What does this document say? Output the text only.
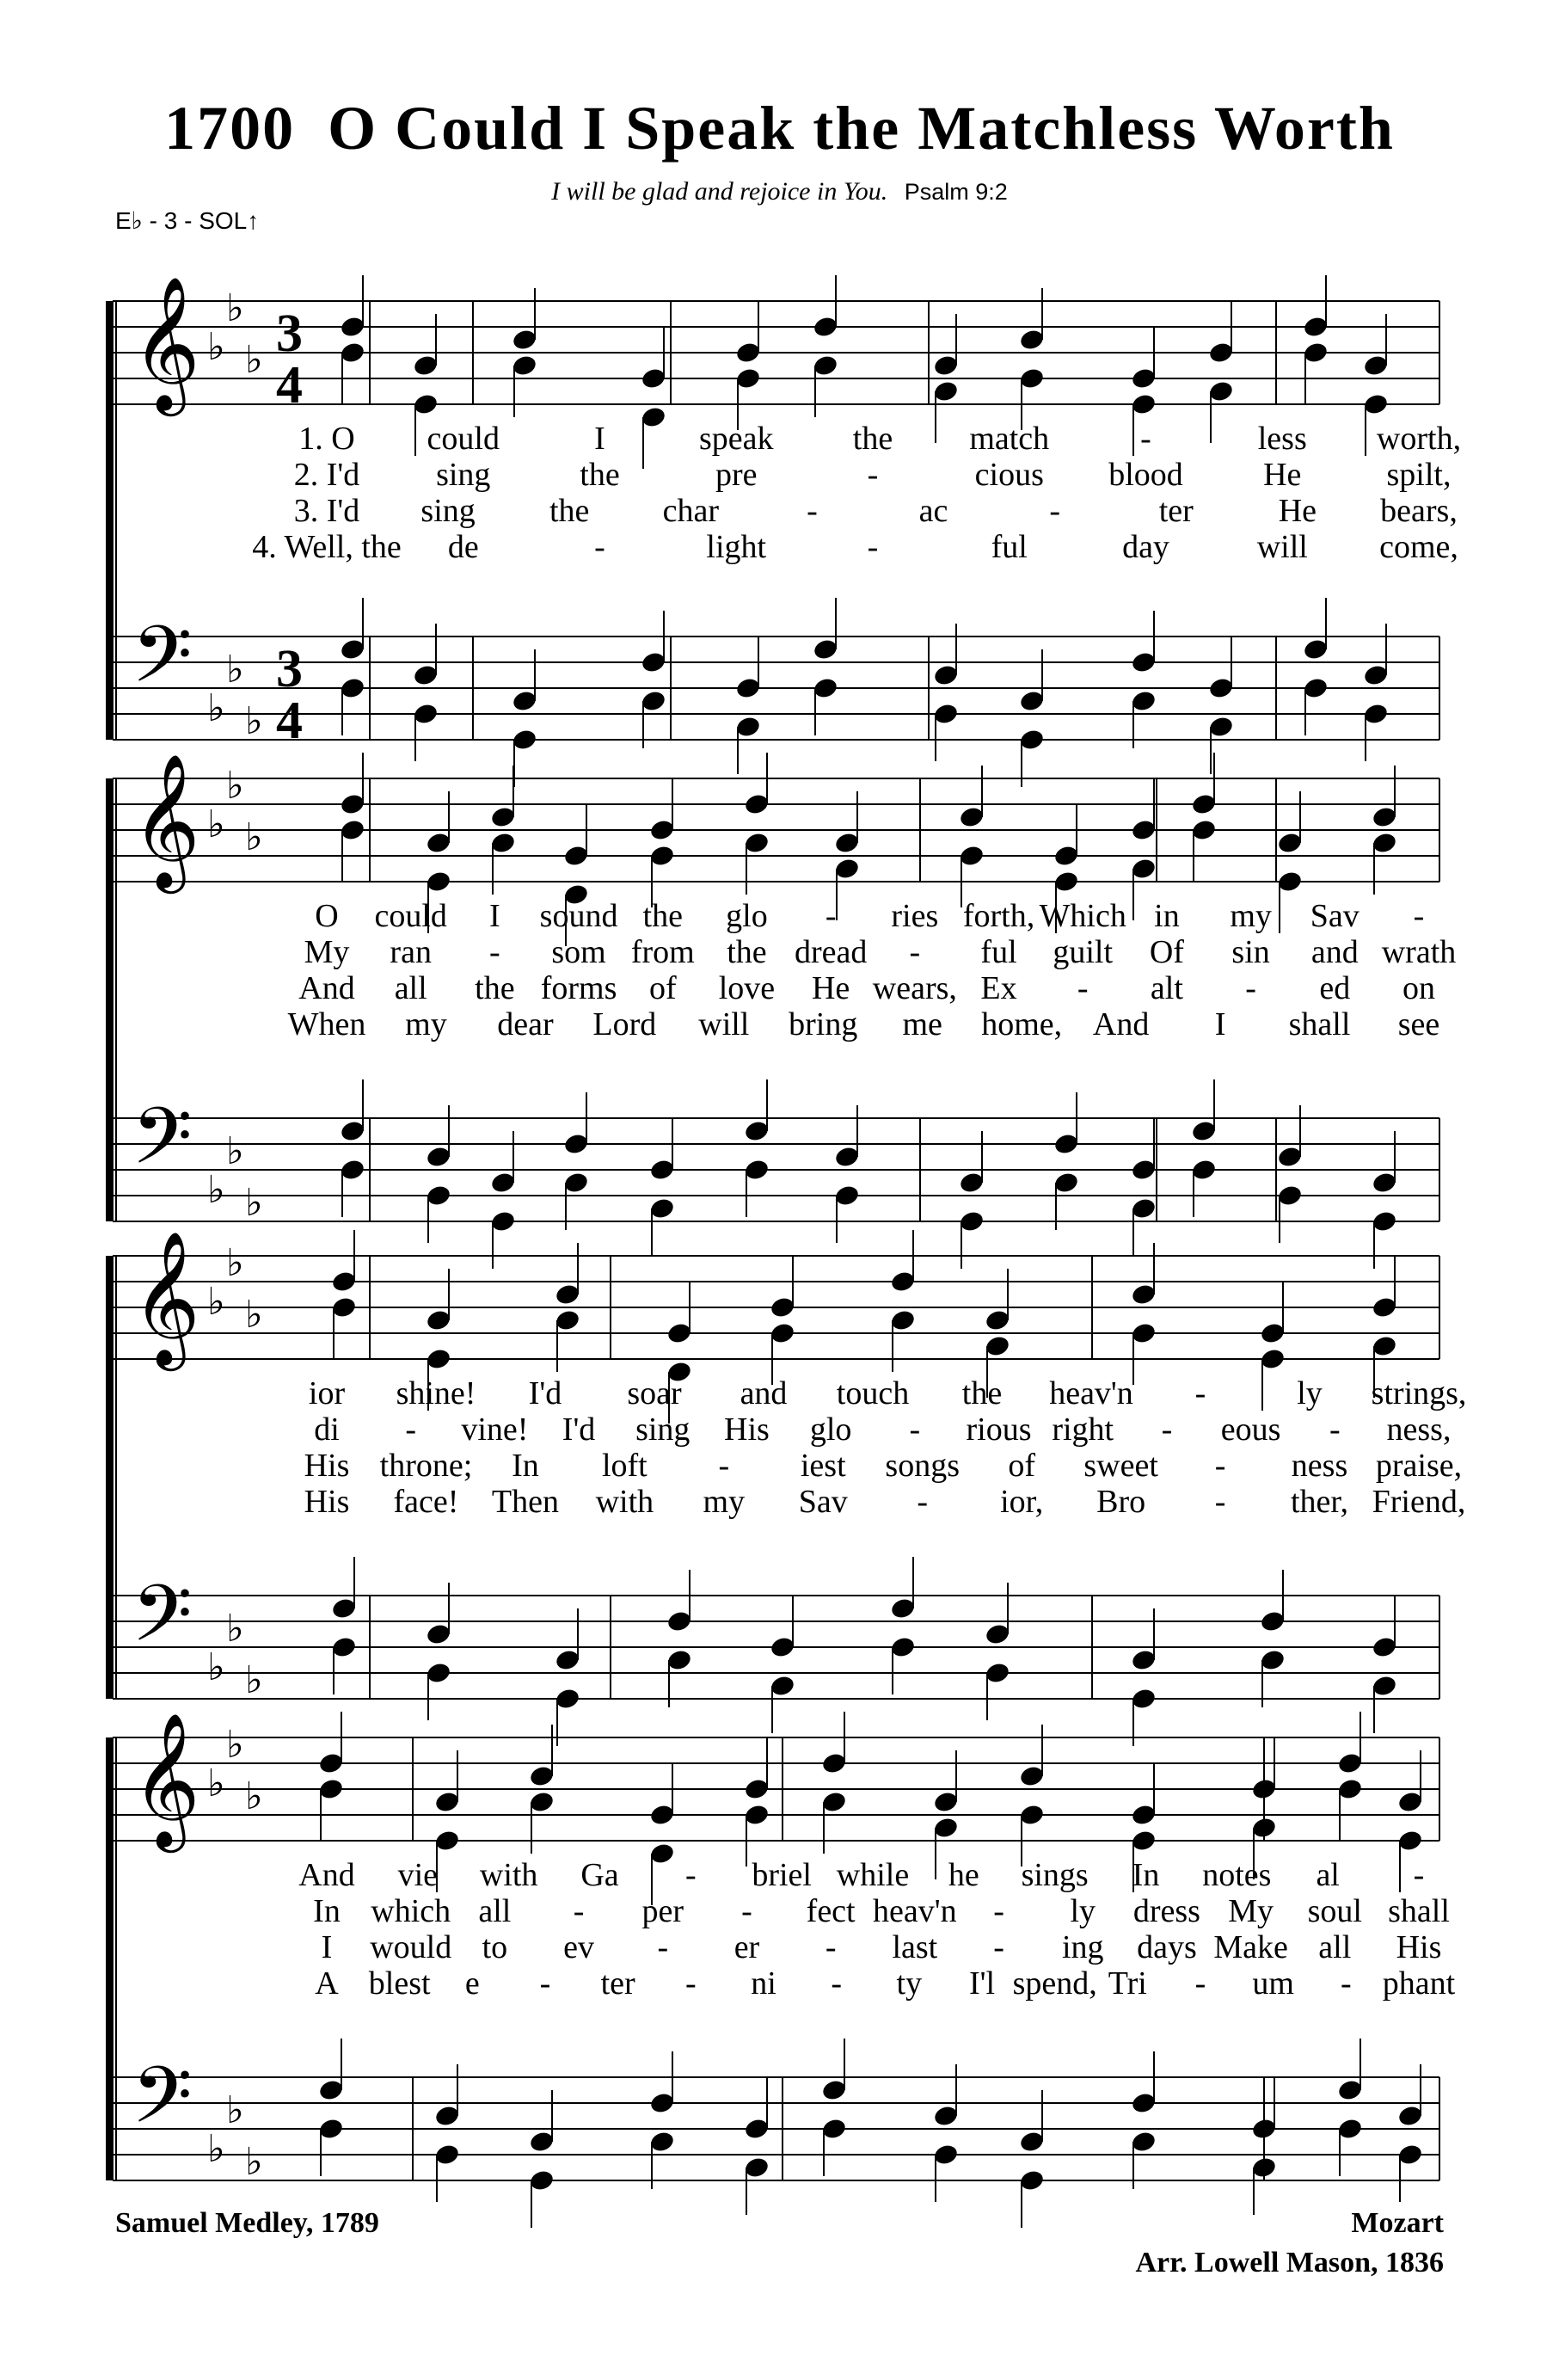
1700 O Could I Speak the Matchless Worth
I will be glad and rejoice in You. Psalm 9:2
E♭ - 3 - SOL↑
𝄞
𝄢
♭
♭
♭
♭
♭
♭
3
4
3
4
𝄞
𝄢
♭
♭
♭
♭
♭
♭
𝄞
𝄢
♭
♭
♭
♭
♭
♭
𝄞
𝄢
♭
♭
♭
♭
♭
♭
1. O could	I	speak the match	-	less worth,
2. I'd sing	the	pre	-	cious blood He	spilt,
3. I'd sing the char	-	ac	-	ter	He bears,
4. Well, the de	-	light	-	ful	day	will come,
O could I sound the glo - ries forth, Which in my Sav -
My ran - som from the dread - ful guilt Of sin and wrath
And all the forms of love He wears, Ex - alt - ed on
When my dear Lord will bring me home, And I shall see
ior shine! I'd soar and touch the heav'n -	ly strings,
di - vine! I'd sing His glo - rious right - eous - ness,
His throne; In loft - iest songs of sweet - ness praise,
His face! Then with my Sav - ior, Bro - ther, Friend,
And vie with Ga - briel while he sings In notes al -
In which all - per - fect heav'n - ly dress My soul shall
I would to ev - er - last - ing days Make all His
A blest e - ter - ni - ty I'l spend, Tri - um - phant
Samuel Medley, 1789	Mozart
Arr. Lowell Mason, 1836
